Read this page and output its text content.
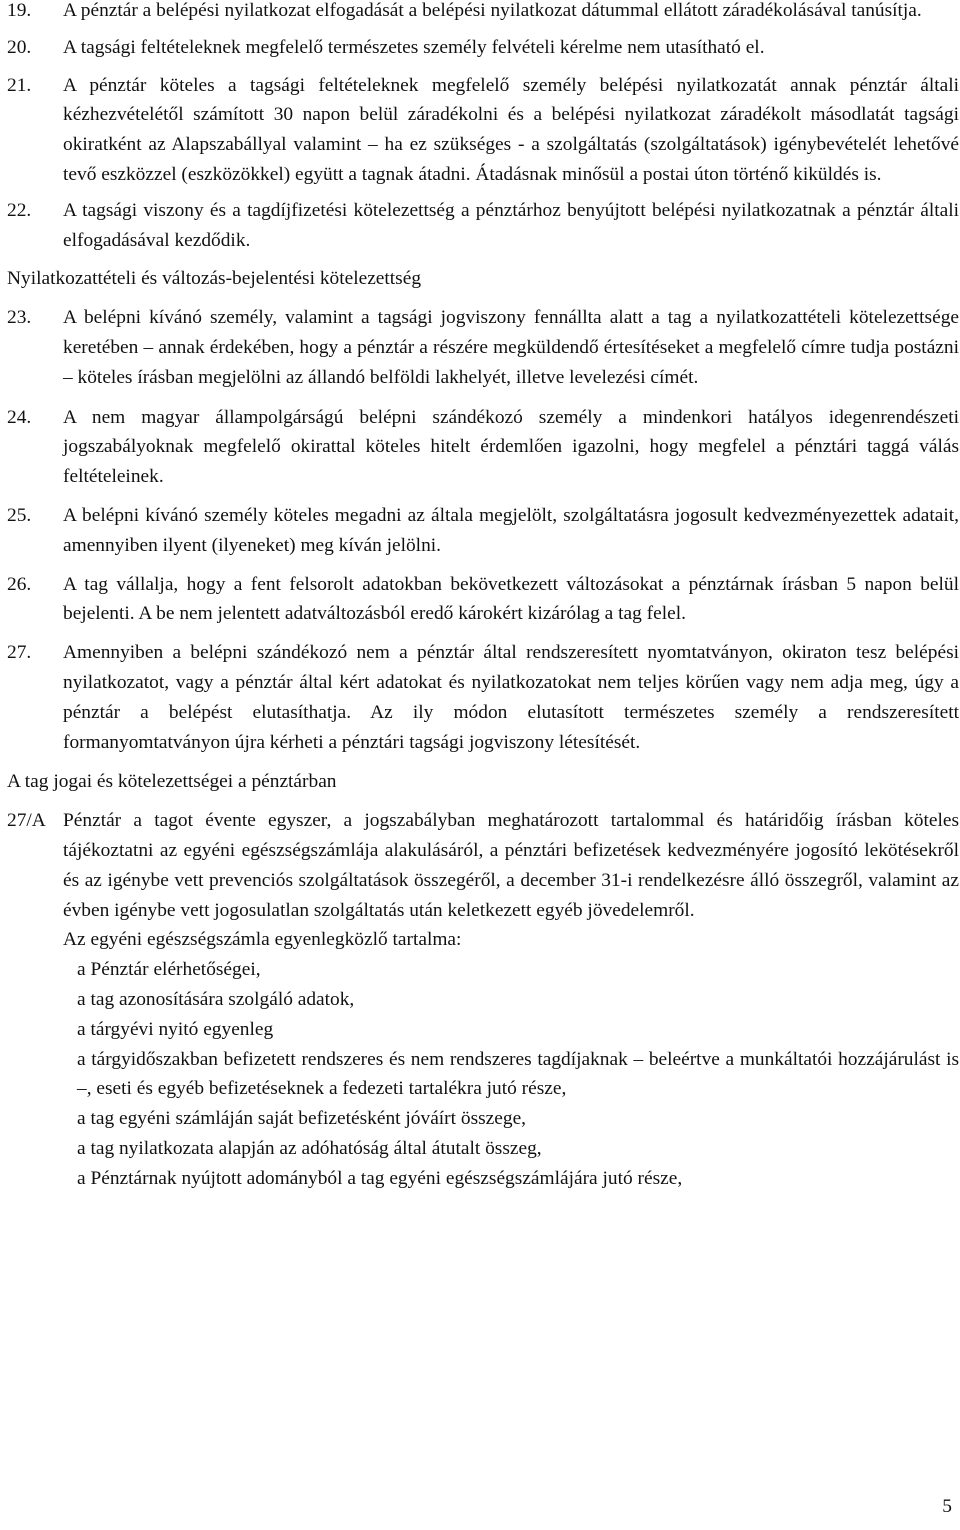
19. A pénztár a belépési nyilatkozat elfogadását a belépési nyilatkozat dátummal ellátott záradékolásával tanúsítja.

20. A tagsági feltételeknek megfelelő természetes személy felvételi kérelme nem utasítható el.

21. A pénztár köteles a tagsági feltételeknek megfelelő személy belépési nyilatkozatát annak pénztár általi kézhezvételétől számított 30 napon belül záradékolni és a belépési nyilatkozat záradékolt másodlatát tagsági okiratként az Alapszabállyal valamint – ha ez szükséges - a szolgáltatás (szolgáltatások) igénybevételét lehetővé tevő eszközzel (eszközökkel) együtt a tagnak átadni. Átadásnak minősül a postai úton történő kiküldés is.

22. A tagsági viszony és a tagdíjfizetési kötelezettség a pénztárhoz benyújtott belépési nyilatkozatnak a pénztár általi elfogadásával kezdődik.

Nyilatkozattételi és változás-bejelentési kötelezettség

23. A belépni kívánó személy, valamint a tagsági jogviszony fennállta alatt a tag a nyilatkozattételi kötelezettsége keretében – annak érdekében, hogy a pénztár a részére megküldendő értesítéseket a megfelelő címre tudja postázni – köteles írásban megjelölni az állandó belföldi lakhelyét, illetve levelezési címét.

24. A nem magyar állampolgárságú belépni szándékozó személy a mindenkori hatályos idegenrendészeti jogszabályoknak megfelelő okirattal köteles hitelt érdemlően igazolni, hogy megfelel a pénztári taggá válás feltételeinek.

25. A belépni kívánó személy köteles megadni az általa megjelölt, szolgáltatásra jogosult kedvezményezettek adatait, amennyiben ilyent (ilyeneket) meg kíván jelölni.

26. A tag vállalja, hogy a fent felsorolt adatokban bekövetkezett változásokat a pénztárnak írásban 5 napon belül bejelenti. A be nem jelentett adatváltozásból eredő károkért kizárólag a tag felel.

27. Amennyiben a belépni szándékozó nem a pénztár által rendszeresített nyomtatványon, okiraton tesz belépési nyilatkozatot, vagy a pénztár által kért adatokat és nyilatkozatokat nem teljes körűen vagy nem adja meg, úgy a pénztár a belépést elutasíthatja. Az ily módon elutasított természetes személy a rendszeresített formanyomtatványon újra kérheti a pénztári tagsági jogviszony létesítését.

A tag jogai és kötelezettségei a pénztárban

27/A Pénztár a tagot évente egyszer, a jogszabályban meghatározott tartalommal és határidőig írásban köteles tájékoztatni az egyéni egészségszámlája alakulásáról, a pénztári befizetések kedvezményére jogosító lekötésekről és az igénybe vett prevenciós szolgáltatások összegéről, a december 31-i rendelkezésre álló összegről, valamint az évben igénybe vett jogosulatlan szolgáltatás után keletkezett egyéb jövedelemről.

Az egyéni egészségszámla egyenlegközlő tartalma:

a Pénztár elérhetőségei,

a tag azonosítására szolgáló adatok,

a tárgyévi nyitó egyenleg

a tárgyidőszakban befizetett rendszeres és nem rendszeres tagdíjaknak – beleértve a munkáltatói hozzájárulást is –, eseti és egyéb befizetéseknek a fedezeti tartalékra jutó része,

a tag egyéni számláján saját befizetésként jóváírt összege,

a tag nyilatkozata alapján az adóhatóság által átutalt összeg,

a Pénztárnak nyújtott adományból a tag egyéni egészségszámlájára jutó része,

5
